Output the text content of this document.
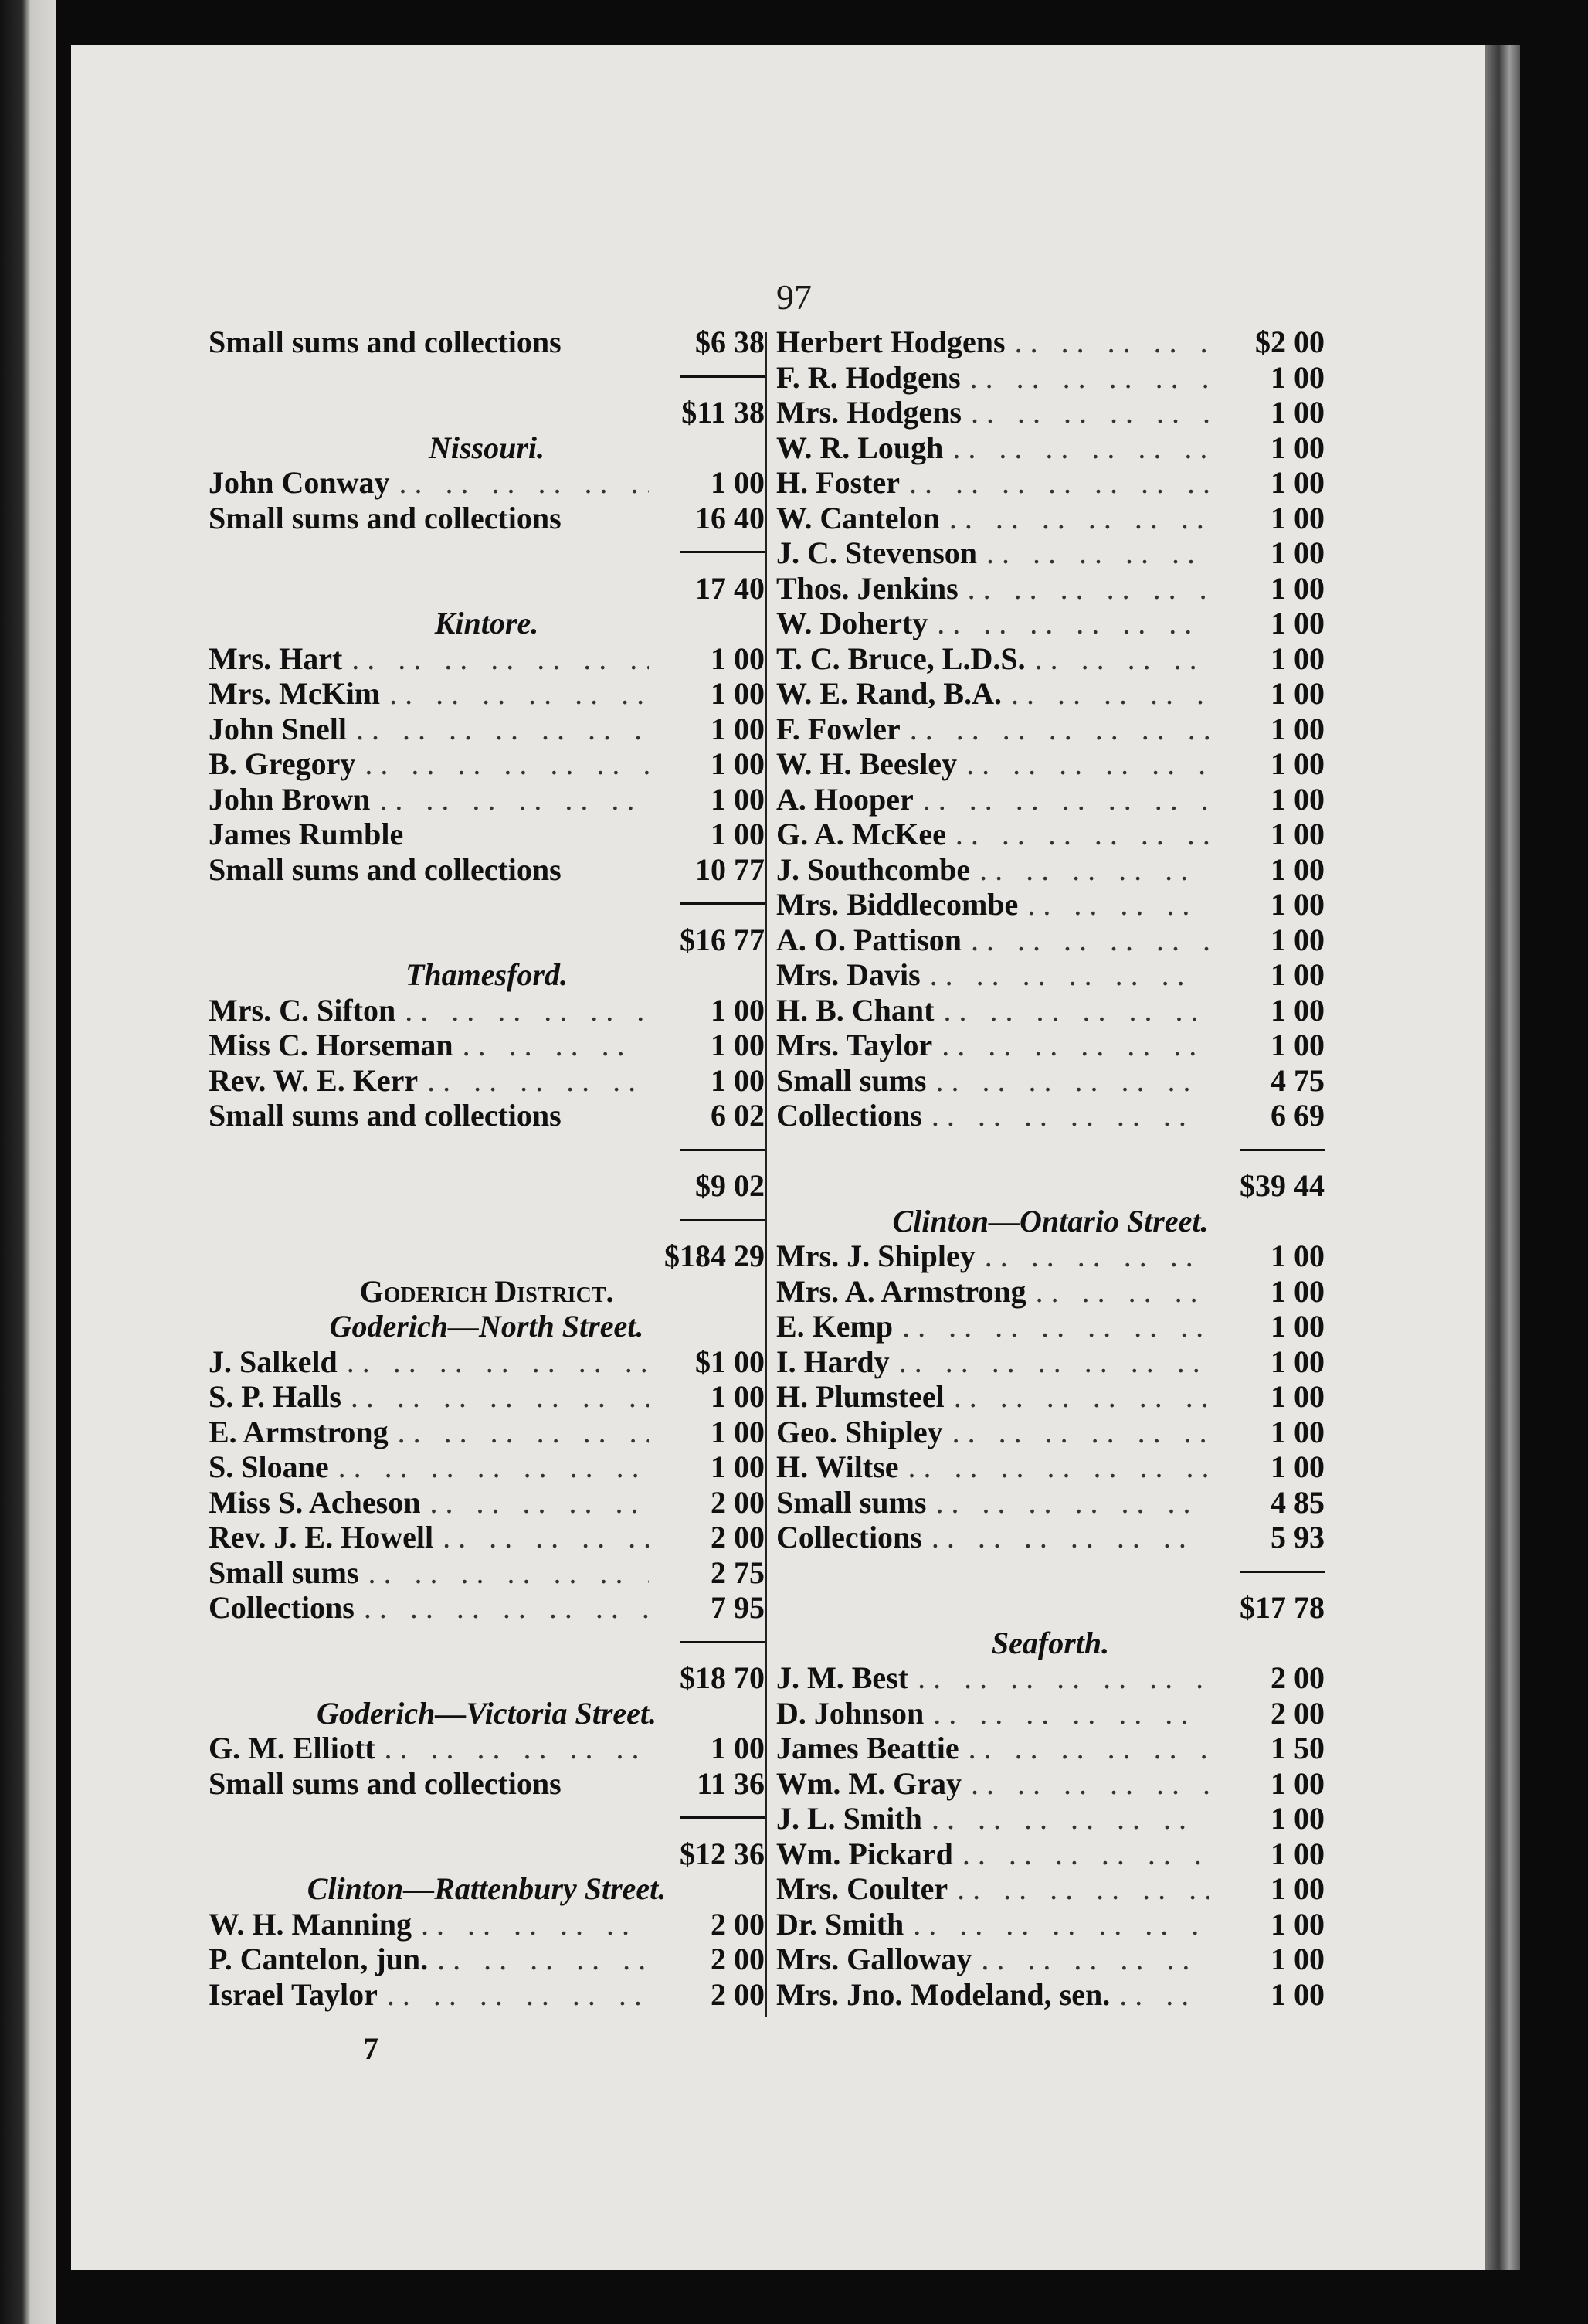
97
Small sums and collections	$6 38
$11 38
Nissouri.
John Conway .. ..	1 00
Small sums and collections	16 40
17 40
Kintore.
Mrs. Hart .. ..	1 00
Mrs. McKim .. ..	1 00
John Snell .. ..	1 00
B. Gregory .. ..	1 00
John Brown .. ..	1 00
James Rumble	1 00
Small sums and collections	10 77
$16 77
Thamesford.
Mrs. C. Sifton .. ..	1 00
Miss C. Horseman .. ..	1 00
Rev. W. E. Kerr .. ..	1 00
Small sums and collections	6 02
$9 02
$184 29
Goderich District.
Goderich—North Street.
J. Salkeld .. ..	$1 00
S. P. Halls .. ..	1 00
E. Armstrong .. ..	1 00
S. Sloane .. ..	1 00
Miss S. Acheson .. ..	2 00
Rev. J. E. Howell .. ..	2 00
Small sums .. ..	2 75
Collections .. ..	7 95
$18 70
Goderich—Victoria Street.
G. M. Elliott .. ..	1 00
Small sums and collections	11 36
$12 36
Clinton—Rattenbury Street.
W. H. Manning .. ..	2 00
P. Cantelon, jun. .. ..	2 00
Israel Taylor .. ..	2 00
Herbert Hodgens .. ..	$2 00
F. R. Hodgens .. ..	1 00
Mrs. Hodgens .. ..	1 00
W. R. Lough .. ..	1 00
H. Foster .. ..	1 00
W. Cantelon .. ..	1 00
J. C. Stevenson .. ..	1 00
Thos. Jenkins .. ..	1 00
W. Doherty .. ..	1 00
T. C. Bruce, L.D.S. .. ..	1 00
W. E. Rand, B.A. .. ..	1 00
F. Fowler .. ..	1 00
W. H. Beesley .. ..	1 00
A. Hooper .. ..	1 00
G. A. McKee .. ..	1 00
J. Southcombe .. ..	1 00
Mrs. Biddlecombe .. ..	1 00
A. O. Pattison .. ..	1 00
Mrs. Davis .. ..	1 00
H. B. Chant .. ..	1 00
Mrs. Taylor .. ..	1 00
Small sums .. ..	4 75
Collections .. ..	6 69
$39 44
Clinton—Ontario Street.
Mrs. J. Shipley .. ..	1 00
Mrs. A. Armstrong .. ..	1 00
E. Kemp .. ..	1 00
I. Hardy .. ..	1 00
H. Plumsteel .. ..	1 00
Geo. Shipley .. ..	1 00
H. Wiltse .. ..	1 00
Small sums .. ..	4 85
Collections .. ..	5 93
$17 78
Seaforth.
J. M. Best .. ..	2 00
D. Johnson .. ..	2 00
James Beattie .. ..	1 50
Wm. M. Gray .. ..	1 00
J. L. Smith .. ..	1 00
Wm. Pickard .. ..	1 00
Mrs. Coulter .. ..	1 00
Dr. Smith .. ..	1 00
Mrs. Galloway .. ..	1 00
Mrs. Jno. Modeland, sen. .. ..	1 00
7
